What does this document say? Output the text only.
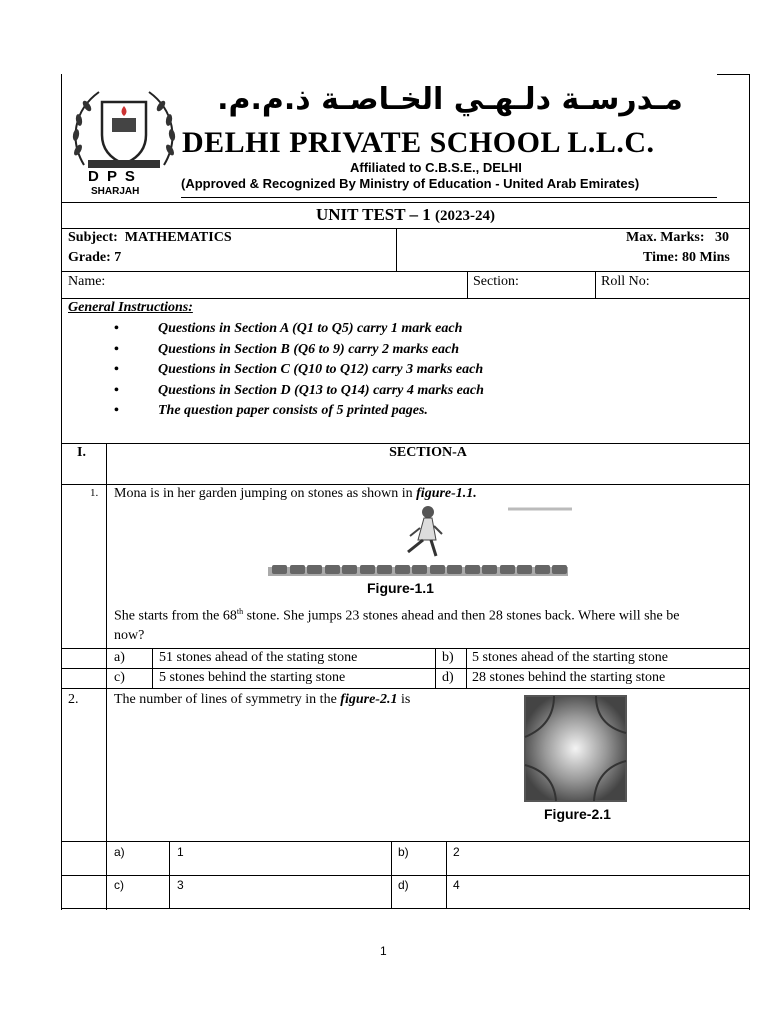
D P S
SHARJAH
مـدرسـة دلـهـي الخـاصـة ذ.م.م.
DELHI PRIVATE SCHOOL L.L.C.
Affiliated to C.B.S.E., DELHI
(Approved & Recognized By Ministry of Education - United Arab Emirates)
UNIT TEST – 1 (2023-24)
Subject: MATHEMATICS
Grade: 7
Max. Marks: 30
Time: 80 Mins
Name:	Section:	Roll No:
General Instructions:
•	Questions in Section A (Q1 to Q5) carry 1 mark each
•	Questions in Section B (Q6 to 9) carry 2 marks each
•	Questions in Section C (Q10 to Q12) carry 3 marks each
•	Questions in Section D (Q13 to Q14) carry 4 marks each
•	The question paper consists of 5 printed pages.
I.	SECTION-A
1. Mona is in her garden jumping on stones as shown in figure-1.1.
Figure-1.1
She starts from the 68th stone. She jumps 23 stones ahead and then 28 stones back. Where will she be
now?
a) 51 stones ahead of the stating stone	b) 5 stones ahead of the starting stone
c) 5 stones behind the starting stone	d) 28 stones behind the starting stone
2.	The number of lines of symmetry in the figure-2.1 is
Figure-2.1
a)	1	b)	2
c)	3	d)	4
1
